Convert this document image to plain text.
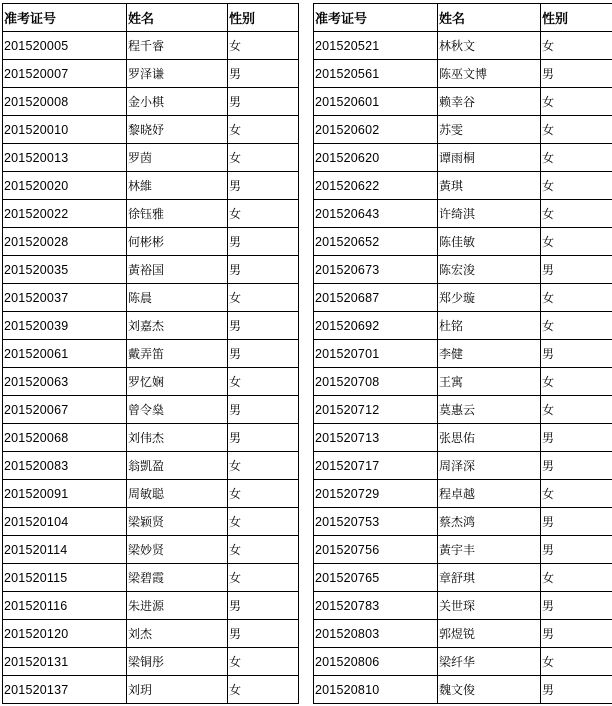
准考证号	姓名	性别
201520005	程千睿	女
201520007	罗泽谦	男
201520008	金小棋	男
201520010	黎晓妤	女
201520013	罗茵	女
201520020	林維	男
201520022	徐钰雅	女
201520028	何彬彬	男
201520035	黃裕国	男
201520037	陈晨	女
201520039	刘嘉杰	男
201520061	戴弄笛	男
201520063	罗忆娴	女
201520067	曾令燊	男
201520068	刘伟杰	男
201520083	翁凱盈	女
201520091	周敏聪	女
201520104	梁颖贤	女
201520114	梁妙贤	女
201520115	梁碧霞	女
201520116	朱进源	男
201520120	刘杰	男
201520131	梁铜彤	女
201520137	刘玥	女
准考证号	姓名	性别
201520521	林秋文	女
201520561	陈巫文博	男
201520601	赖幸谷	女
201520602	苏雯	女
201520620	谭雨桐	女
201520622	黃琪	女
201520643	许绮淇	女
201520652	陈佳敏	女
201520673	陈宏浚	男
201520687	郑少璇	女
201520692	杜铭	女
201520701	李健	男
201520708	王寓	女
201520712	莫惠云	女
201520713	张思佑	男
201520717	周泽深	男
201520729	程卓越	女
201520753	蔡杰鸿	男
201520756	黃宇丰	男
201520765	章舒琪	女
201520783	关世琛	男
201520803	郭煜锐	男
201520806	梁纤华	女
201520810	魏文俊	男
